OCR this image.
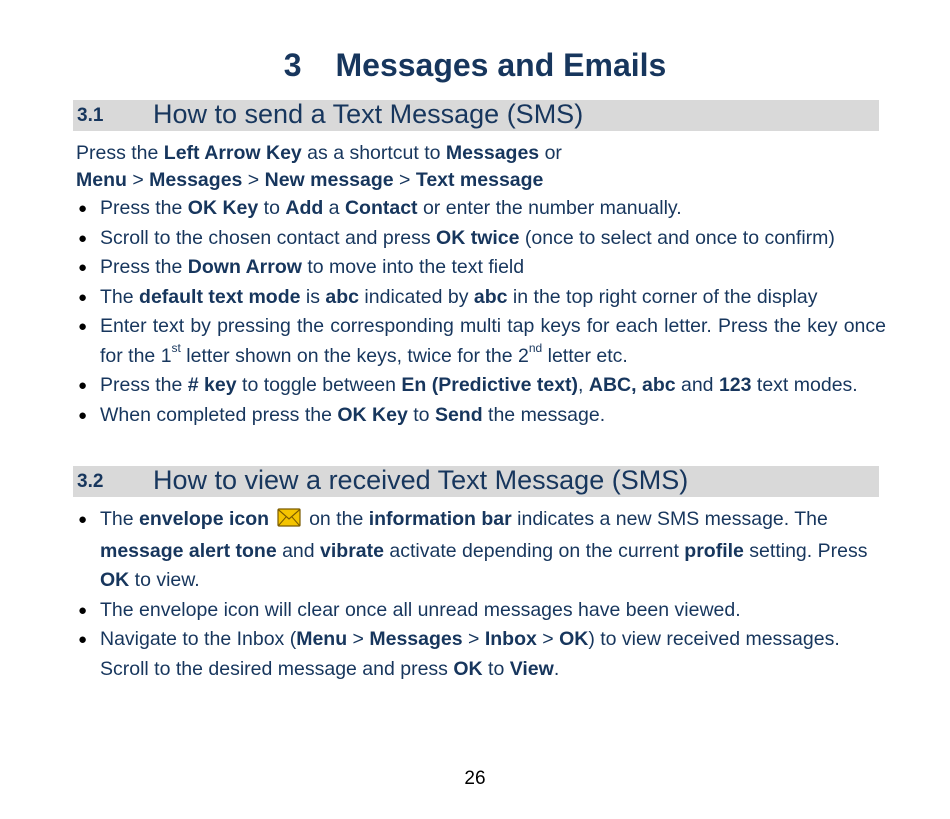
3 Messages and Emails
3.1 How to send a Text Message (SMS)
Press the Left Arrow Key as a shortcut to Messages or
Menu > Messages > New message > Text message
● Press the OK Key to Add a Contact or enter the number manually.
● Scroll to the chosen contact and press OK twice (once to select and once to confirm)
● Press the Down Arrow to move into the text field
● The default text mode is abc indicated by abc in the top right corner of the display
● Enter text by pressing the corresponding multi tap keys for each letter. Press the key once for the 1st letter shown on the keys, twice for the 2nd letter etc.
● Press the # key to toggle between En (Predictive text), ABC, abc and 123 text modes.
● When completed press the OK Key to Send the message.
3.2 How to view a received Text Message (SMS)
● The envelope icon on the information bar indicates a new SMS message. The message alert tone and vibrate activate depending on the current profile setting. Press OK to view.
● The envelope icon will clear once all unread messages have been viewed.
● Navigate to the Inbox (Menu > Messages > Inbox > OK) to view received messages. Scroll to the desired message and press OK to View.
26
